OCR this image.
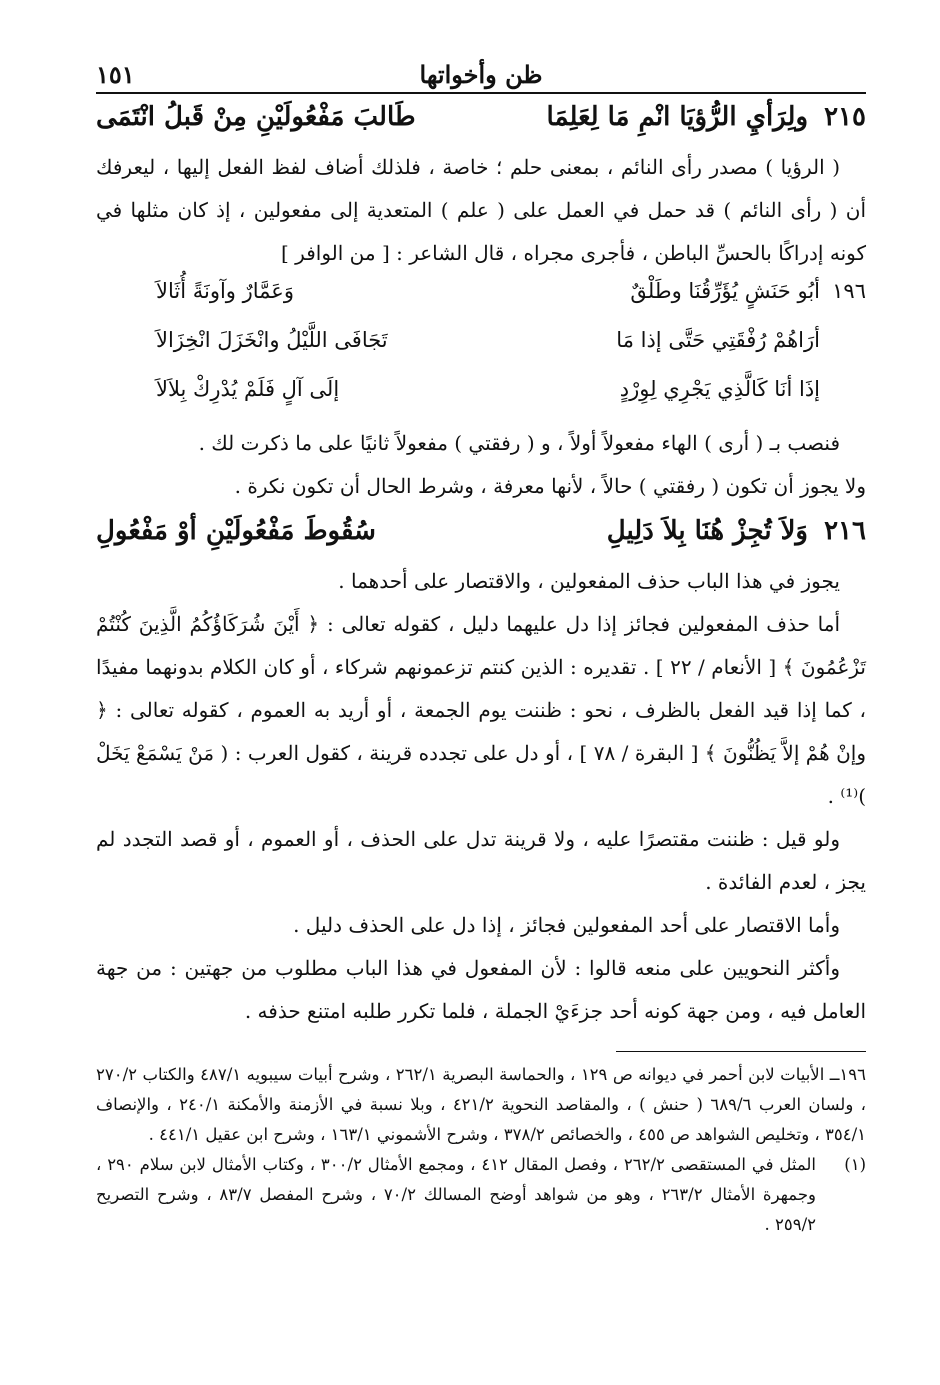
ظن وأخواتها
١٥١
٢١٥
ولِرَأيِ الرُّؤيَا انْمِ مَا لِعَلِمَا
طَالبَ مَفْعُولَيْنِ مِنْ قَبلُ انْتَمَى

( الرؤيا ) مصدر رأى النائم ، بمعنى حلم ؛ خاصة ، فلذلك أضاف لفظ الفعل إليها ، ليعرفك أن ( رأى النائم ) قد حمل في العمل على ( علم ) المتعدية إلى مفعولين ، إذ كان مثلها في كونه إدراكًا بالحسِّ الباطن ، فأجرى مجراه ، قال الشاعر : [ من الوافر ]

١٩٦
أبُو حَنَشٍ يُؤَرِّقُنَا وطَلْقٌ
وَعَمَّارٌ وآونَةً أُثَالاَ
أرَاهُمْ رُفْقَتِي حَتَّى إذا مَا
تَجَافَى اللَّيْلُ وانْخَزَلَ انْخِزَالاَ
إذَا أنَا كَالَّذِي يَجْرِي لِوِرْدٍ
إلَى آلٍ فَلَمْ يُدْرِكْ بِلاَلاَ

فنصب بـ ( أرى ) الهاء مفعولاً أولاً ، و ( رفقتي ) مفعولاً ثانيًا على ما ذكرت لك .

ولا يجوز أن تكون ( رفقتي ) حالاً ، لأنها معرفة ، وشرط الحال أن تكون نكرة .

٢١٦
وَلاَ تُجِزْ هُنَا بِلاَ دَلِيلِ
سُقُوطَ مَفْعُولَيْنِ أوْ مَفْعُولِ

يجوز في هذا الباب حذف المفعولين ، والاقتصار على أحدهما .

أما حذف المفعولين فجائز إذا دل عليهما دليل ، كقوله تعالى : ﴿ أَيْنَ شُرَكَاؤُكُمُ الَّذِينَ كُنْتُمْ تَزْعُمُونَ ﴾ [ الأنعام / ٢٢ ] . تقديره : الذين كنتم تزعمونهم شركاء ، أو كان الكلام بدونهما مفيدًا ، كما إذا قيد الفعل بالظرف ، نحو : ظننت يوم الجمعة ، أو أريد به العموم ، كقوله تعالى : ﴿ وإنْ هُمْ إلاَّ يَظُنُّونَ ﴾ [ البقرة / ٧٨ ] ، أو دل على تجدده قرينة ، كقول العرب : ( مَنْ يَسْمَعْ يَخَلْ )⁽¹⁾ .

ولو قيل : ظننت مقتصرًا عليه ، ولا قرينة تدل على الحذف ، أو العموم ، أو قصد التجدد لم يجز ، لعدم الفائدة .

وأما الاقتصار على أحد المفعولين فجائز ، إذا دل على الحذف دليل .

وأكثر النحويين على منعه قالوا : لأن المفعول في هذا الباب مطلوب من جهتين : من جهة العامل فيه ، ومن جهة كونه أحد جزءَيْ الجملة ، فلما تكرر طلبه امتنع حذفه .

١٩٦ــ الأبيات لابن أحمر في ديوانه ص ١٢٩ ، والحماسة البصرية ٢٦٢/١ ، وشرح أبيات سيبويه ٤٨٧/١ والكتاب ٢٧٠/٢ ، ولسان العرب ٦٨٩/٦ ( حنش ) ، والمقاصد النحوية ٤٢١/٢ ، وبلا نسبة في الأزمنة والأمكنة ٢٤٠/١ ، والإنصاف ٣٥٤/١ ، وتخليص الشواهد ص ٤٥٥ ، والخصائص ٣٧٨/٢ ، وشرح الأشموني ١٦٣/١ ، وشرح ابن عقيل ٤٤١/١ .

(١)

المثل في المستقصى ٢٦٢/٢ ، وفصل المقال ٤١٢ ، ومجمع الأمثال ٣٠٠/٢ ، وكتاب الأمثال لابن سلام ٢٩٠ ، وجمهرة الأمثال ٢٦٣/٢ ، وهو من شواهد أوضح المسالك ٧٠/٢ ، وشرح المفصل ٨٣/٧ ، وشرح التصريح ٢٥٩/٢ .
